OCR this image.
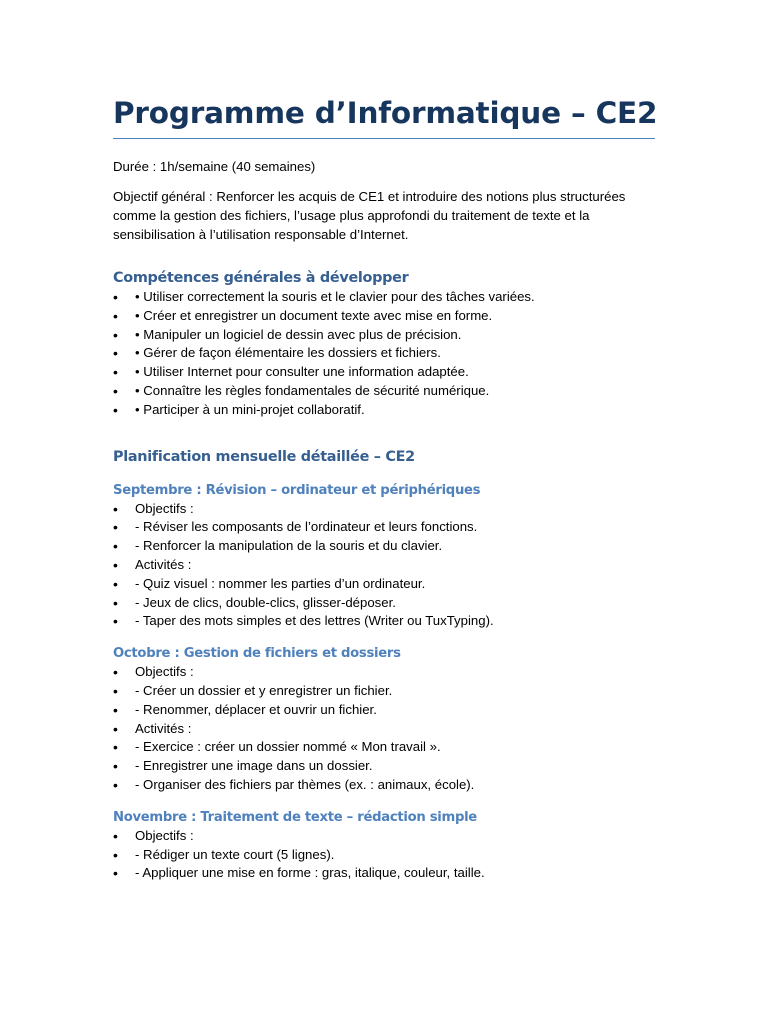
Programme d’Informatique – CE2

Durée : 1h/semaine (40 semaines)

Objectif général : Renforcer les acquis de CE1 et introduire des notions plus structurées comme la gestion des fichiers, l’usage plus approfondi du traitement de texte et la sensibilisation à l’utilisation responsable d’Internet.

Compétences générales à développer
• • Utiliser correctement la souris et le clavier pour des tâches variées.
• • Créer et enregistrer un document texte avec mise en forme.
• • Manipuler un logiciel de dessin avec plus de précision.
• • Gérer de façon élémentaire les dossiers et fichiers.
• • Utiliser Internet pour consulter une information adaptée.
• • Connaître les règles fondamentales de sécurité numérique.
• • Participer à un mini-projet collaboratif.
Planification mensuelle détaillée – CE2
Septembre : Révision – ordinateur et périphériques
• Objectifs :
• - Réviser les composants de l’ordinateur et leurs fonctions.
• - Renforcer la manipulation de la souris et du clavier.
• Activités :
• - Quiz visuel : nommer les parties d’un ordinateur.
• - Jeux de clics, double-clics, glisser-déposer.
• - Taper des mots simples et des lettres (Writer ou TuxTyping).
Octobre : Gestion de fichiers et dossiers
• Objectifs :
• - Créer un dossier et y enregistrer un fichier.
• - Renommer, déplacer et ouvrir un fichier.
• Activités :
• - Exercice : créer un dossier nommé « Mon travail ».
• - Enregistrer une image dans un dossier.
• - Organiser des fichiers par thèmes (ex. : animaux, école).
Novembre : Traitement de texte – rédaction simple
• Objectifs :
• - Rédiger un texte court (5 lignes).
• - Appliquer une mise en forme : gras, italique, couleur, taille.
